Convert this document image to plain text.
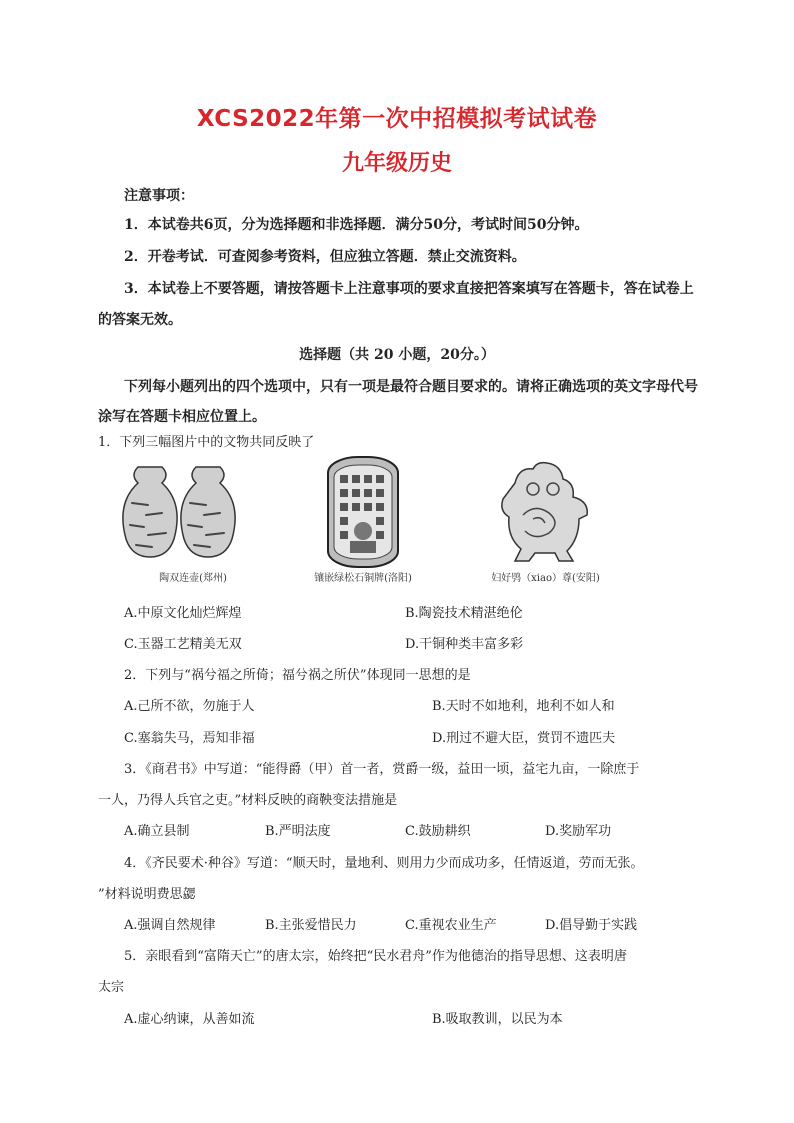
XCS2022年第一次中招模拟考试试卷
九年级历史
注意事项：
1．本试卷共6页，分为选择题和非选择题．满分50分，考试时间50分钟。
2．开卷考试．可查阅参考资料，但应独立答题．禁止交流资料。
3．本试卷上不要答题，请按答题卡上注意事项的要求直接把答案填写在答题卡，答在试卷上
的答案无效。
选择题（共 20 小题，20分。）
下列每小题列出的四个选项中，只有一项是最符合题目要求的。请将正确选项的英文字母代号
涂写在答题卡相应位置上。
1．下列三幅图片中的文物共同反映了
陶双连壶(郑州)	镶嵌绿松石铜牌(洛阳)	妇好鸮（xiao）尊(安阳)
A.中原文化灿烂辉煌	B.陶瓷技术精湛绝伦
C.玉器工艺精美无双	D.干铜种类丰富多彩
2．下列与“祸兮福之所倚；福兮祸之所伏”体现同一思想的是
A.己所不欲，勿施于人	B.天时不如地利，地利不如人和
C.塞翁失马，焉知非福	D.刑过不避大臣，赏罚不遗匹夫
3．《商君书》中写道：“能得爵（甲）首一者，赏爵一级，益田一顷，益宅九亩，一除庶于
一人，乃得人兵官之吏。”材料反映的商鞅变法措施是
A.确立县制	B.严明法度	C.鼓励耕织	D.奖励军功
4．《齐民要术·种谷》写道：“顺天时，量地利、则用力少而成功多，任情返道，劳而无张。
”材料说明费思勰
A.强调自然规律	B.主张爱惜民力	C.重视农业生产	D.倡导勤于实践
5．亲眼看到“富隋天亡”的唐太宗，始终把“民水君舟”作为他德治的指导思想、这表明唐
太宗
A.虚心纳谏，从善如流	B.吸取教训，以民为本
